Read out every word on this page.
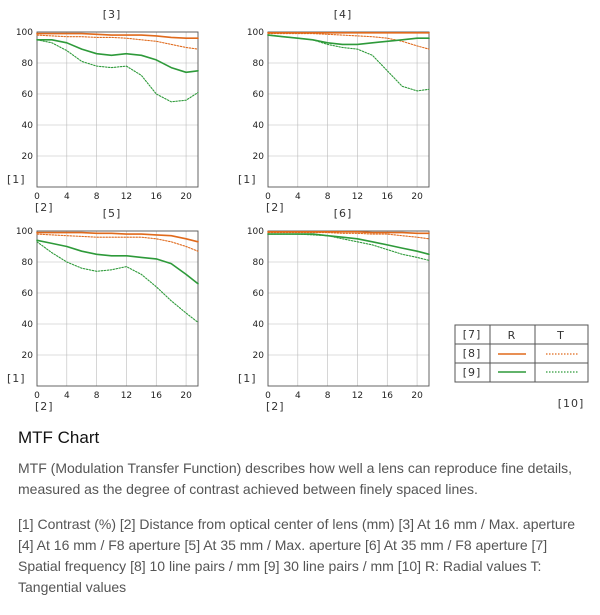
20
40
60
80
100
0	4	8 12 16 20
[3]
[1]
[2]
20
40
60
80
100
0	4	8 12 16 20
[4]
[1]
[2]
20
40
60
80
100
0	4	8 12 16 20
[5]
[1]
[2]
20
40
60
80
100
0	4	8 12 16 20
[6]
[1]
[2]
[7] R	T
[8]
[9]
[10]
MTF Chart

MTF (Modulation Transfer Function) describes how well a lens can reproduce fine details, measured as the degree of contrast achieved between finely spaced lines.

[1] Contrast (%) [2] Distance from optical center of lens (mm) [3] At 16 mm / Max. aperture [4] At 16 mm / F8 aperture [5] At 35 mm / Max. aperture [6] At 35 mm / F8 aperture [7] Spatial frequency [8] 10 line pairs / mm [9] 30 line pairs / mm [10] R: Radial values T: Tangential values
